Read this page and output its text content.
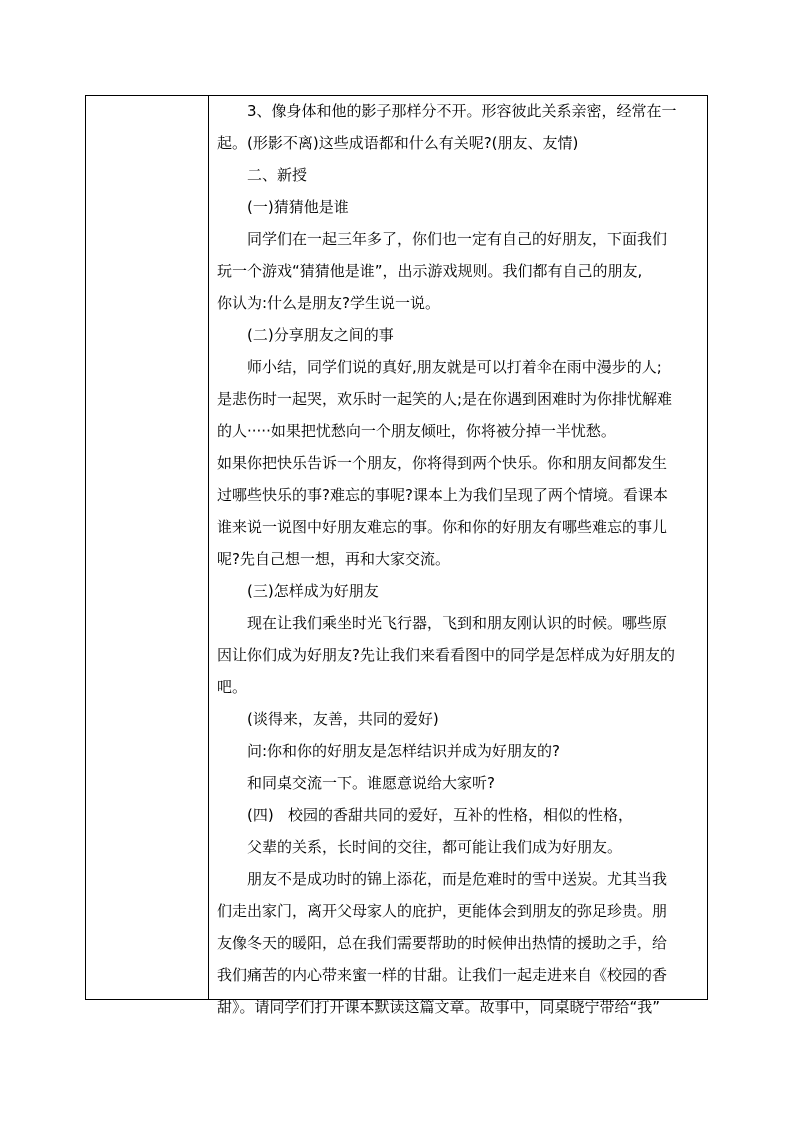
3、像身体和他的影子那样分不开。形容彼此关系亲密，经常在一
起。(形影不离)这些成语都和什么有关呢?(朋友、友情)
二、新授
(一)猜猜他是谁
同学们在一起三年多了，你们也一定有自己的好朋友，下面我们
玩一个游戏“猜猜他是谁”，出示游戏规则。我们都有自己的朋友,
你认为:什么是朋友?学生说一说。
(二)分享朋友之间的事
师小结，同学们说的真好,朋友就是可以打着伞在雨中漫步的人;
是悲伤时一起哭，欢乐时一起笑的人;是在你遇到困难时为你排忧解难
的人·····如果把忧愁向一个朋友倾吐，你将被分掉一半忧愁。
如果你把快乐告诉一个朋友，你将得到两个快乐。你和朋友间都发生
过哪些快乐的事?难忘的事呢?课本上为我们呈现了两个情境。看课本
谁来说一说图中好朋友难忘的事。你和你的好朋友有哪些难忘的事儿
呢?先自己想一想，再和大家交流。
(三)怎样成为好朋友
现在让我们乘坐时光飞行器，飞到和朋友刚认识的时候。哪些原
因让你们成为好朋友?先让我们来看看图中的同学是怎样成为好朋友的
吧。
(谈得来，友善，共同的爱好)
问:你和你的好朋友是怎样结识并成为好朋友的?
和同桌交流一下。谁愿意说给大家听?
(四)   校园的香甜共同的爱好，互补的性格，相似的性格，
父辈的关系，长时间的交往，都可能让我们成为好朋友。
朋友不是成功时的锦上添花，而是危难时的雪中送炭。尤其当我
们走出家门，离开父母家人的庇护，更能体会到朋友的弥足珍贵。朋
友像冬天的暖阳，总在我们需要帮助的时候伸出热情的援助之手，给
我们痛苦的内心带来蜜一样的甘甜。让我们一起走进来自《校园的香
甜》。请同学们打开课本默读这篇文章。故事中，同桌晓宁带给“我”
